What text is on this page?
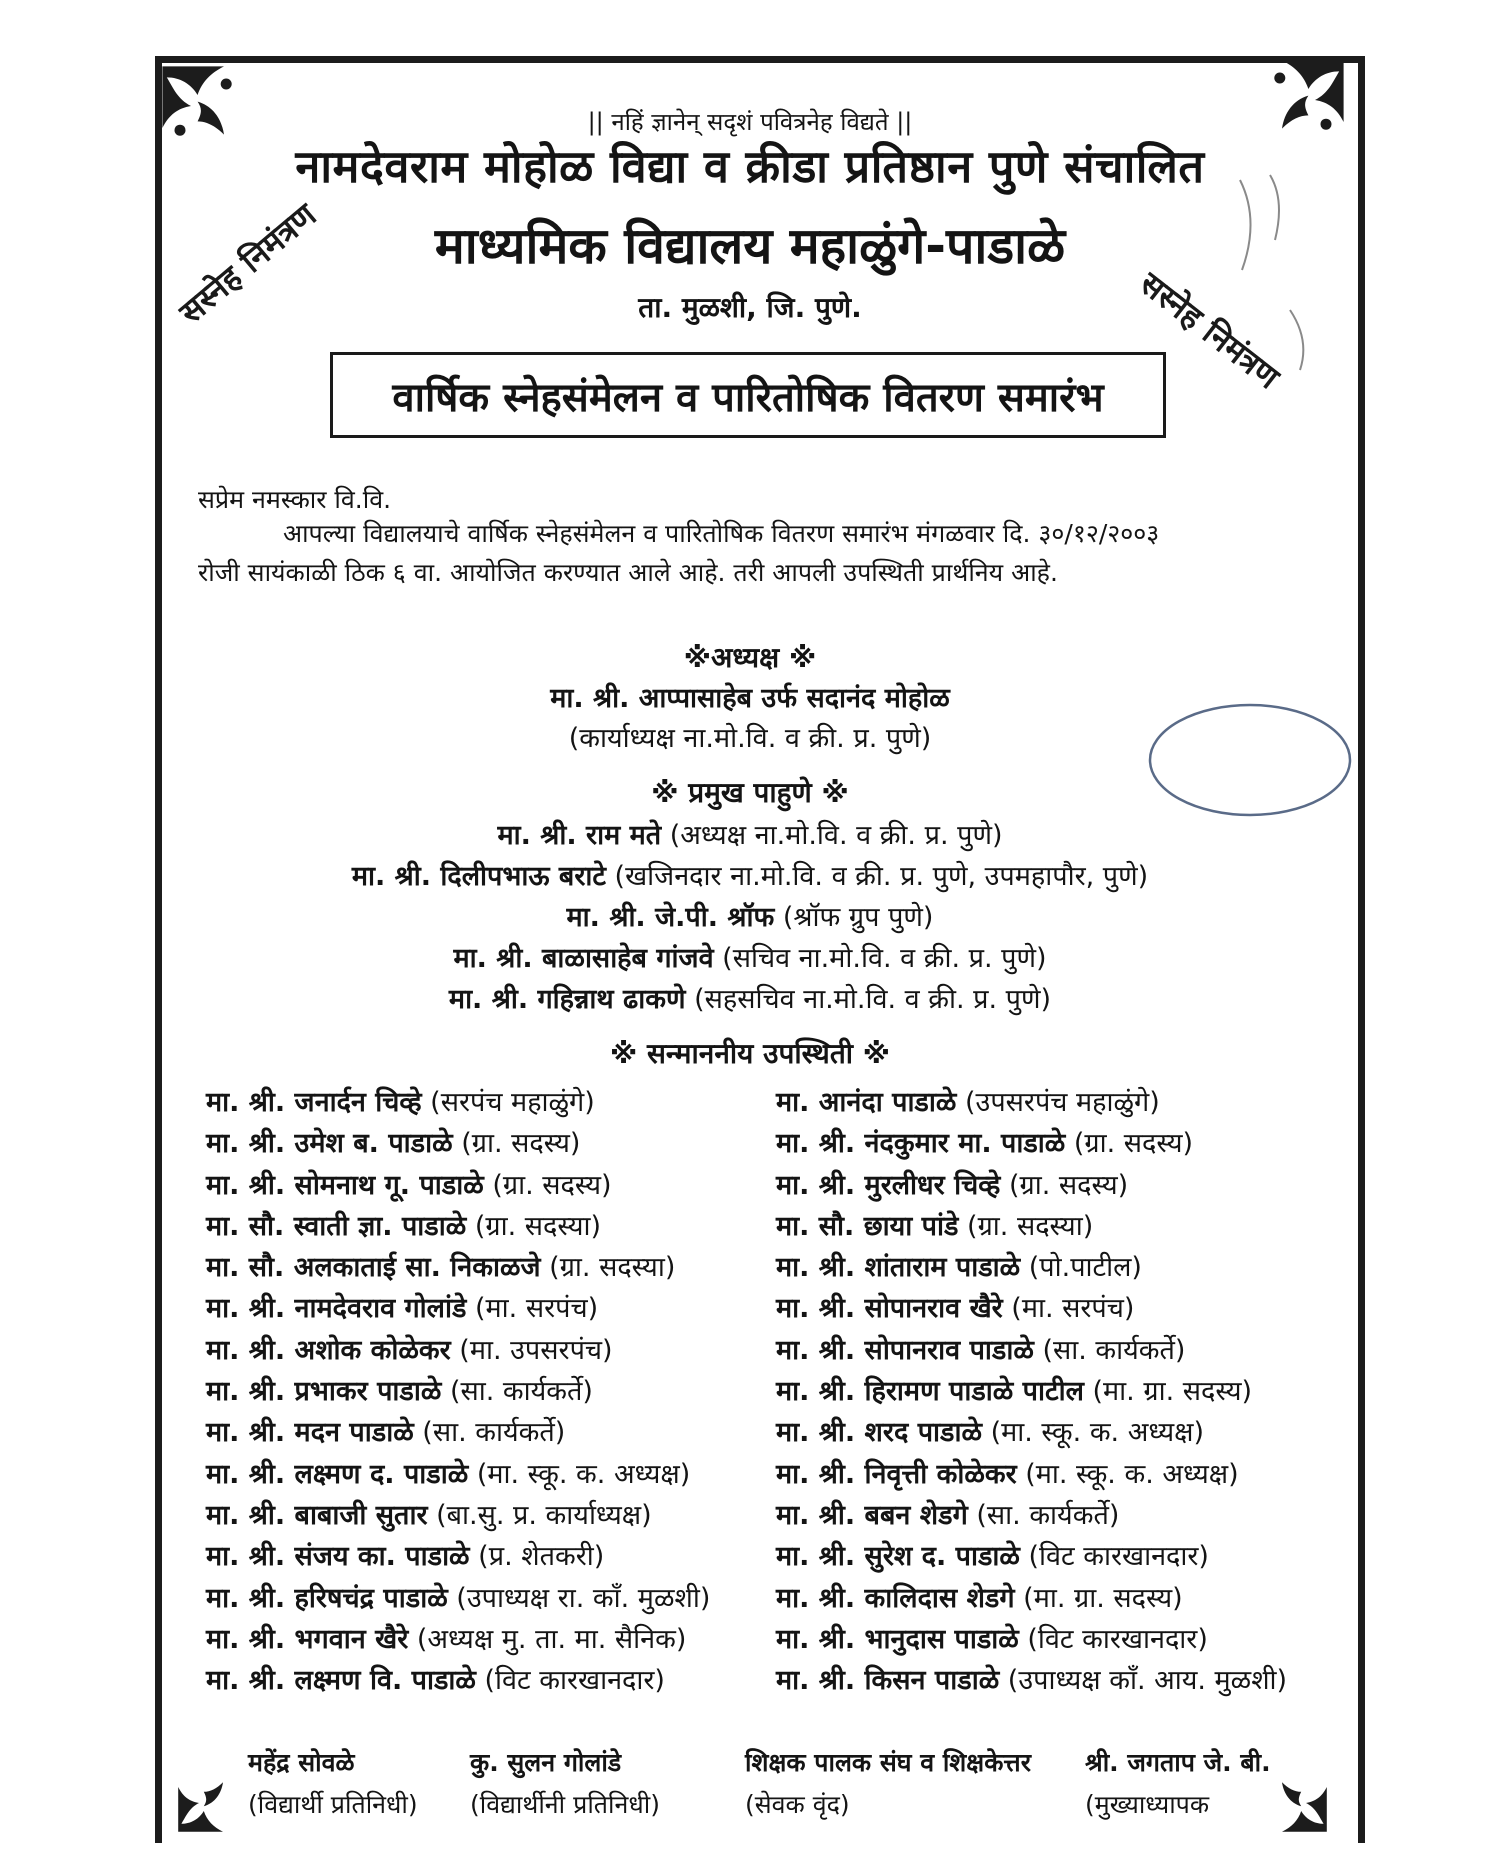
|| नहिं ज्ञानेन् सदृशं पवित्रनेह विद्यते ||
नामदेवराम मोहोळ विद्या व क्रीडा प्रतिष्ठान पुणे संचालित
माध्यमिक विद्यालय महाळुंगे-पाडाळे
ता. मुळशी, जि. पुणे.
सस्नेह निमंत्रण	सस्नेह निमंत्रण
वार्षिक स्नेहसंमेलन व पारितोषिक वितरण समारंभ
सप्रेम नमस्कार वि.वि.
आपल्या विद्यालयाचे वार्षिक स्नेहसंमेलन व पारितोषिक वितरण समारंभ मंगळवार दि. ३०/१२/२००३
रोजी सायंकाळी ठिक ६ वा. आयोजित करण्यात आले आहे. तरी आपली उपस्थिती प्रार्थनिय आहे.
※अध्यक्ष ※
मा. श्री. आप्पासाहेब उर्फ सदानंद मोहोळ
(कार्याध्यक्ष ना.मो.वि. व क्री. प्र. पुणे)
※ प्रमुख पाहुणे ※
मा. श्री. राम मते (अध्यक्ष ना.मो.वि. व क्री. प्र. पुणे)
मा. श्री. दिलीपभाऊ बराटे (खजिनदार ना.मो.वि. व क्री. प्र. पुणे, उपमहापौर, पुणे)
मा. श्री. जे.पी. श्रॉफ (श्रॉफ ग्रुप पुणे)
मा. श्री. बाळासाहेब गांजवे (सचिव ना.मो.वि. व क्री. प्र. पुणे)
मा. श्री. गहिन्नाथ ढाकणे (सहसचिव ना.मो.वि. व क्री. प्र. पुणे)
※ सन्माननीय उपस्थिती ※
मा. श्री. जनार्दन चिव्हे (सरपंच महाळुंगे)
मा. श्री. उमेश ब. पाडाळे (ग्रा. सदस्य)
मा. श्री. सोमनाथ गू. पाडाळे (ग्रा. सदस्य)
मा. सौ. स्वाती ज्ञा. पाडाळे (ग्रा. सदस्या)
मा. सौ. अलकाताई सा. निकाळजे (ग्रा. सदस्या)
मा. श्री. नामदेवराव गोलांडे (मा. सरपंच)
मा. श्री. अशोक कोळेकर (मा. उपसरपंच)
मा. श्री. प्रभाकर पाडाळे (सा. कार्यकर्ते)
मा. श्री. मदन पाडाळे (सा. कार्यकर्ते)
मा. श्री. लक्ष्मण द. पाडाळे (मा. स्कू. क. अध्यक्ष)
मा. श्री. बाबाजी सुतार (बा.सु. प्र. कार्याध्यक्ष)
मा. श्री. संजय का. पाडाळे (प्र. शेतकरी)
मा. श्री. हरिषचंद्र पाडाळे (उपाध्यक्ष रा. कॉं. मुळशी)
मा. श्री. भगवान खैरे (अध्यक्ष मु. ता. मा. सैनिक)
मा. श्री. लक्ष्मण वि. पाडाळे (विट कारखानदार)
मा. आनंदा पाडाळे (उपसरपंच महाळुंगे)
मा. श्री. नंदकुमार मा. पाडाळे (ग्रा. सदस्य)
मा. श्री. मुरलीधर चिव्हे (ग्रा. सदस्य)
मा. सौ. छाया पांडे (ग्रा. सदस्या)
मा. श्री. शांताराम पाडाळे (पो.पाटील)
मा. श्री. सोपानराव खैरे (मा. सरपंच)
मा. श्री. सोपानराव पाडाळे (सा. कार्यकर्ते)
मा. श्री. हिरामण पाडाळे पाटील (मा. ग्रा. सदस्य)
मा. श्री. शरद पाडाळे (मा. स्कू. क. अध्यक्ष)
मा. श्री. निवृत्ती कोळेकर (मा. स्कू. क. अध्यक्ष)
मा. श्री. बबन शेडगे (सा. कार्यकर्ते)
मा. श्री. सुरेश द. पाडाळे (विट कारखानदार)
मा. श्री. कालिदास शेडगे (मा. ग्रा. सदस्य)
मा. श्री. भानुदास पाडाळे (विट कारखानदार)
मा. श्री. किसन पाडाळे (उपाध्यक्ष कॉं. आय. मुळशी)
महेंद्र सोवळे
(विद्यार्थी प्रतिनिधी)
कु. सुलन गोलांडे
(विद्यार्थीनी प्रतिनिधी)
शिक्षक पालक संघ व शिक्षकेत्तर
(सेवक वृंद)
श्री. जगताप जे. बी.
(मुख्याध्यापक
